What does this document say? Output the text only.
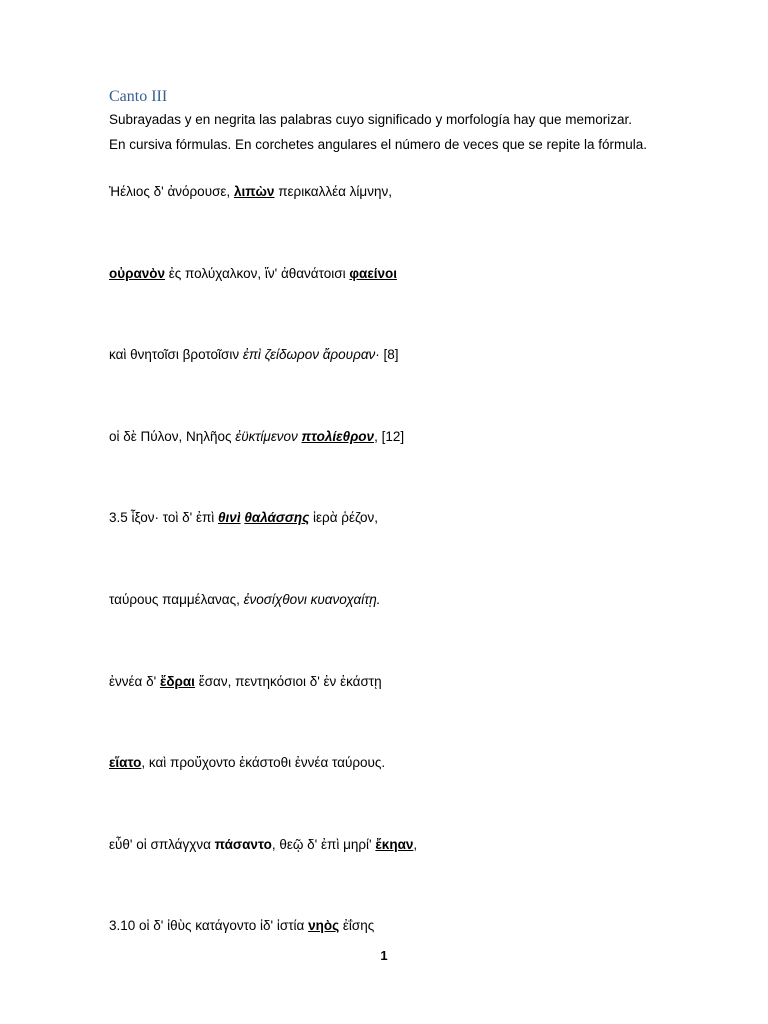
Canto III

Subrayadas y en negrita las palabras cuyo significado y morfología hay que memorizar. En cursiva fórmulas. En corchetes angulares el número de veces que se repite la fórmula.

Ἠέλιος δ' ἀνόρουσε, λιπὼν περικαλλέα λίμνην,

οὐρανὸν ἐς πολύχαλκον, ἵν' ἀθανάτοισι φαείνοι

καὶ θνητοῖσι βροτοῖσιν ἐπὶ ζείδωρον ἄρουραν· [8]

οἱ δὲ Πύλον, Νηλῆος ἐϋκτίμενον πτολίεθρον, [12]

3.5 ἷξον· τοὶ δ' ἐπὶ θινὶ θαλάσσης ἱερὰ ῥέζον,

ταύρους παμμέλανας, ἐνοσίχθονι κυανοχαίτῃ.

ἐννέα δ' ἕδραι ἔσαν, πεντηκόσιοι δ' ἐν ἑκάστῃ

εἵατο, καὶ προὔχοντο ἑκάστοθι ἐννέα ταύρους.

εὖθ' οἱ σπλάγχνα πάσαντο, θεῷ δ' ἐπὶ μηρί' ἔκηαν,

3.10 οἱ δ' ἰθὺς κατάγοντο ἰδ' ἱστία νηὸς ἐΐσης

1
